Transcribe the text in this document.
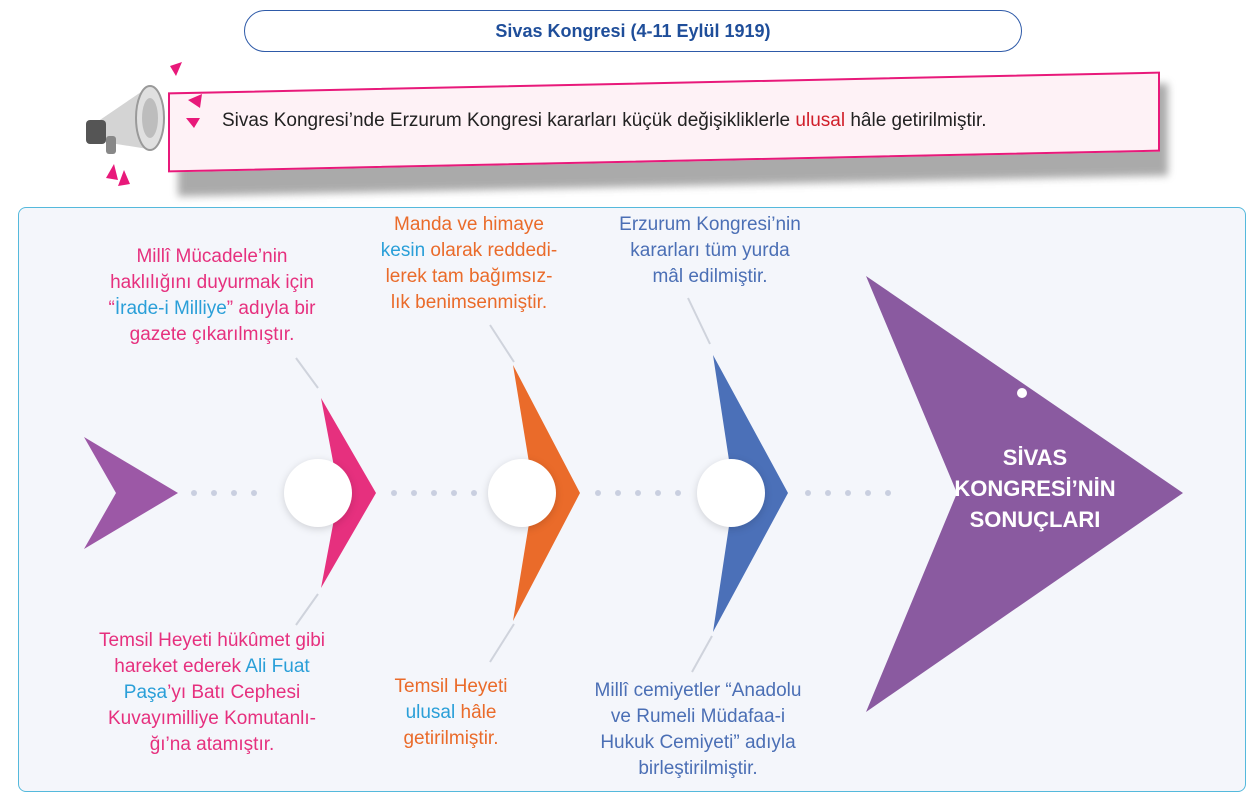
Sivas Kongresi (4-11 Eylül 1919)
Sivas Kongresi’nde Erzurum Kongresi kararları küçük değişikliklerle ulusal hâle getirilmiştir.
SİVAS
KONGRESİ’NİN
SONUÇLARI
Millî Mücadele’nin
haklılığını duyurmak için
“İrade-i Milliye” adıyla bir
gazete çıkarılmıştır.
Temsil Heyeti hükûmet gibi
hareket ederek Ali Fuat
Paşa’yı Batı Cephesi
Kuvayımilliye Komutanlı-
ğı’na atamıştır.
Manda ve himaye
kesin olarak reddedi-
lerek tam bağımsız-
lık benimsenmiştir.
Temsil Heyeti
ulusal hâle
getirilmiştir.
Erzurum Kongresi’nin
kararları tüm yurda
mâl edilmiştir.
Millî cemiyetler “Anadolu
ve Rumeli Müdafaa-i
Hukuk Cemiyeti” adıyla
birleştirilmiştir.
